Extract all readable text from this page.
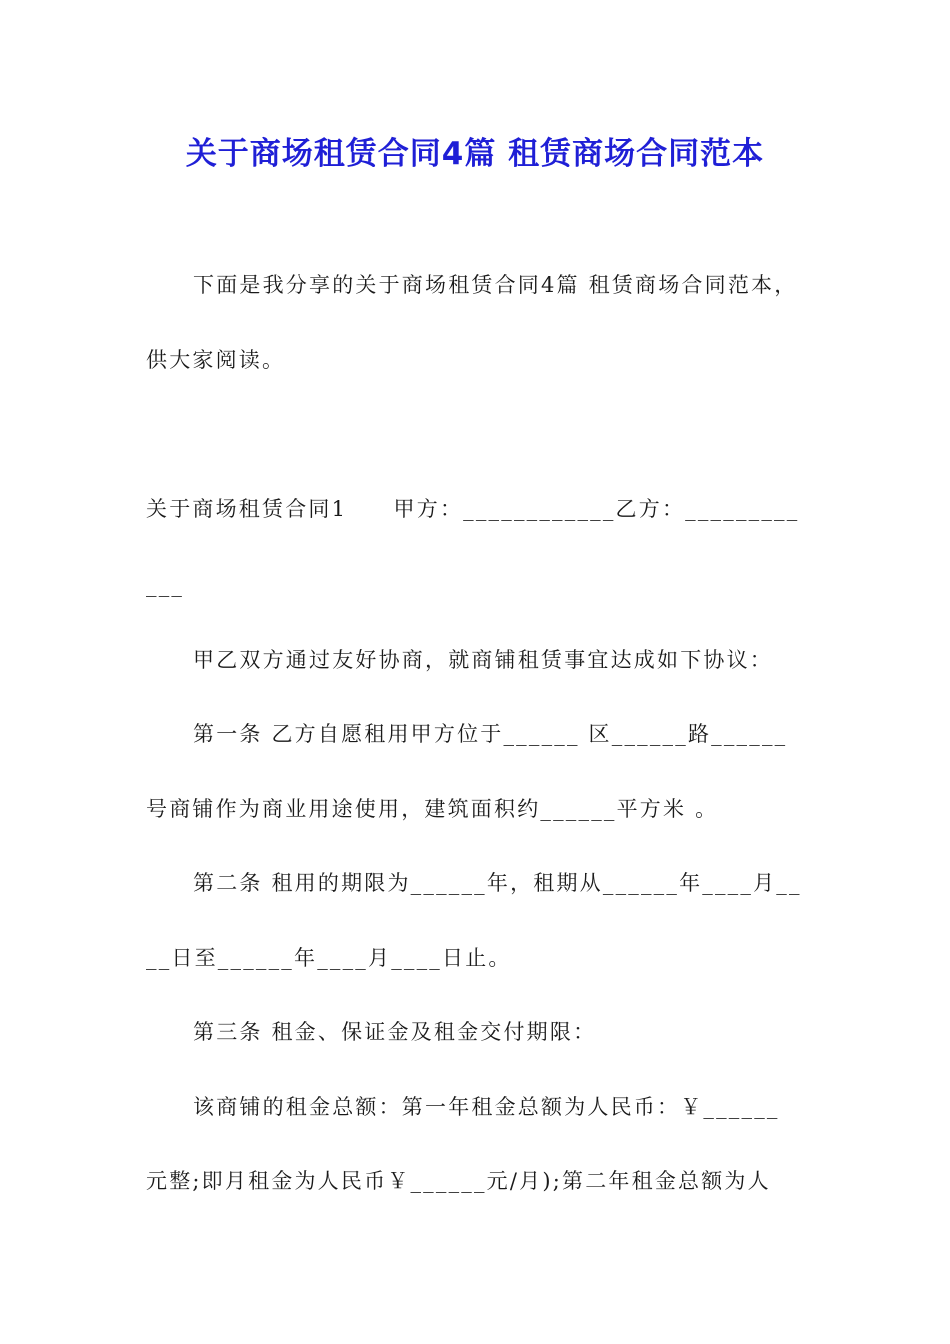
关于商场租赁合同4篇 租赁商场合同范本
下面是我分享的关于商场租赁合同4篇 租赁商场合同范本，
供大家阅读。
关于商场租赁合同1　　甲方：____________乙方：_________
___
甲乙双方通过友好协商，就商铺租赁事宜达成如下协议：
第一条 乙方自愿租用甲方位于______ 区______路______
号商铺作为商业用途使用，建筑面积约______平方米 。
第二条 租用的期限为______年，租期从______年____月__
__日至______年____月____日止。
第三条 租金、保证金及租金交付期限：
该商铺的租金总额：第一年租金总额为人民币：￥______
元整;即月租金为人民币￥______元/月);第二年租金总额为人
